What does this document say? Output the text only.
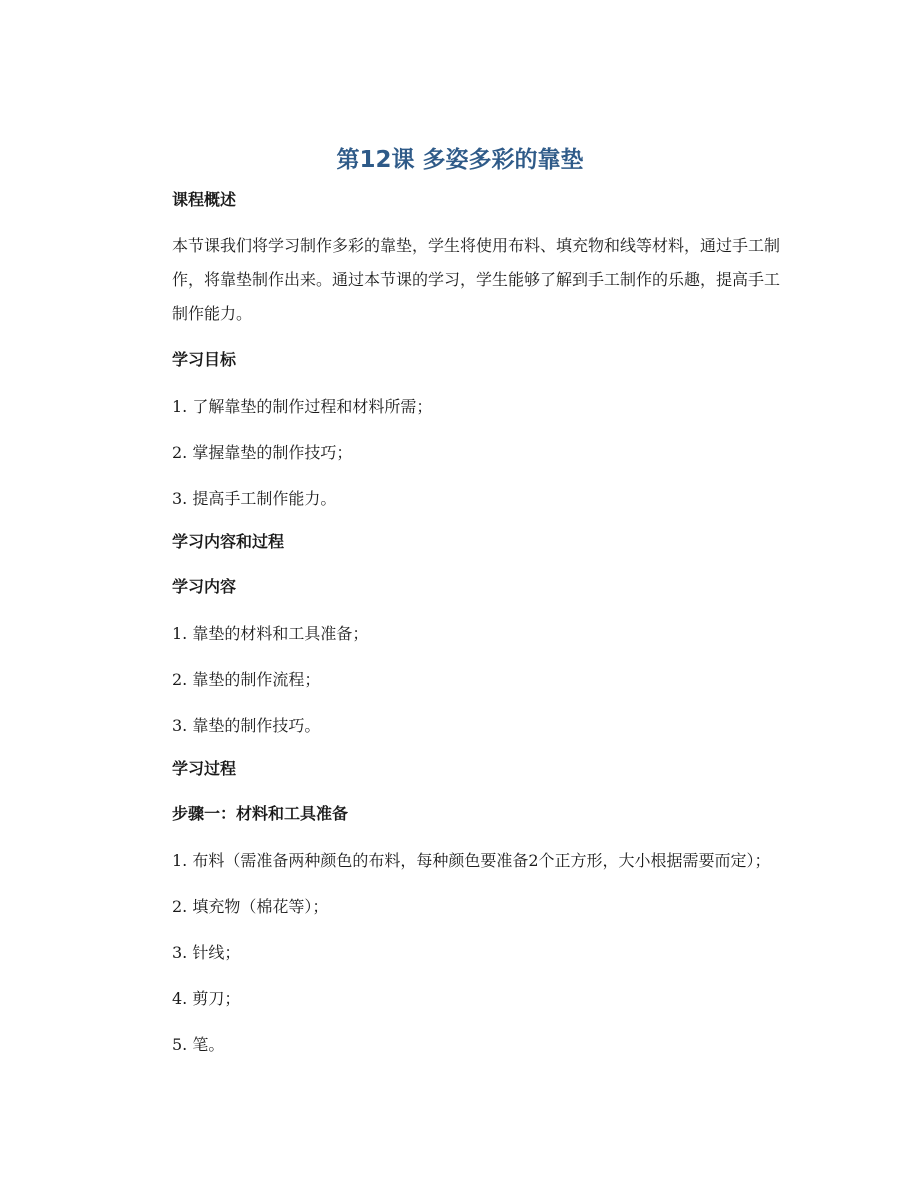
第12课 多姿多彩的靠垫
课程概述
本节课我们将学习制作多彩的靠垫，学生将使用布料、填充物和线等材料，通过手工制作，将靠垫制作出来。通过本节课的学习，学生能够了解到手工制作的乐趣，提高手工制作能力。
学习目标
1. 了解靠垫的制作过程和材料所需；
2. 掌握靠垫的制作技巧；
3. 提高手工制作能力。
学习内容和过程
学习内容
1. 靠垫的材料和工具准备；
2. 靠垫的制作流程；
3. 靠垫的制作技巧。
学习过程
步骤一：材料和工具准备
1. 布料（需准备两种颜色的布料，每种颜色要准备2个正方形，大小根据需要而定）；
2. 填充物（棉花等）；
3. 针线；
4. 剪刀；
5. 笔。
